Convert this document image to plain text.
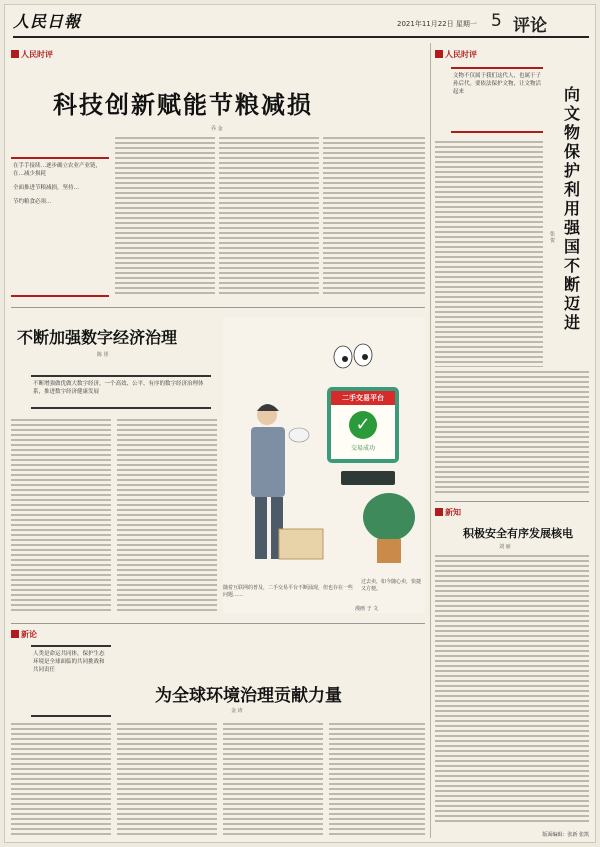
人民日報	2021年11月22日 星期一 5 评论
人民时评
科技创新赋能节粮减损
乔 金

在手手接续…逐步确立农业产业链，在…减少损耗

全面推进节粮减损，坚持…

节约粮食必须…

不断加强数字经济治理
陈 彤

不断增强做优做大数字经济，一个高效、公平、有序的数字经济治理体系，推进数字经济健康发展

二手交易平台
✓
交易成功
随着互联网的普及，二手交易平台不断涌现，但也存在一些问题……
过去卖，如今随心卖，快捷又方便。
漫画 于 文
新论
为全球环境治理贡献力量
金 涛

人类是命运共同体，保护生态环境是全球面临的共同挑战和共同责任

人民时评

文物不仅属于我们这代人，也属于子孙后代。要依法保护文物，让文物活起来	向文物保护利用强国不断迈进
张 贺
新知
积极安全有序发展核电
刘 丽
版面编辑：张新 张凯
